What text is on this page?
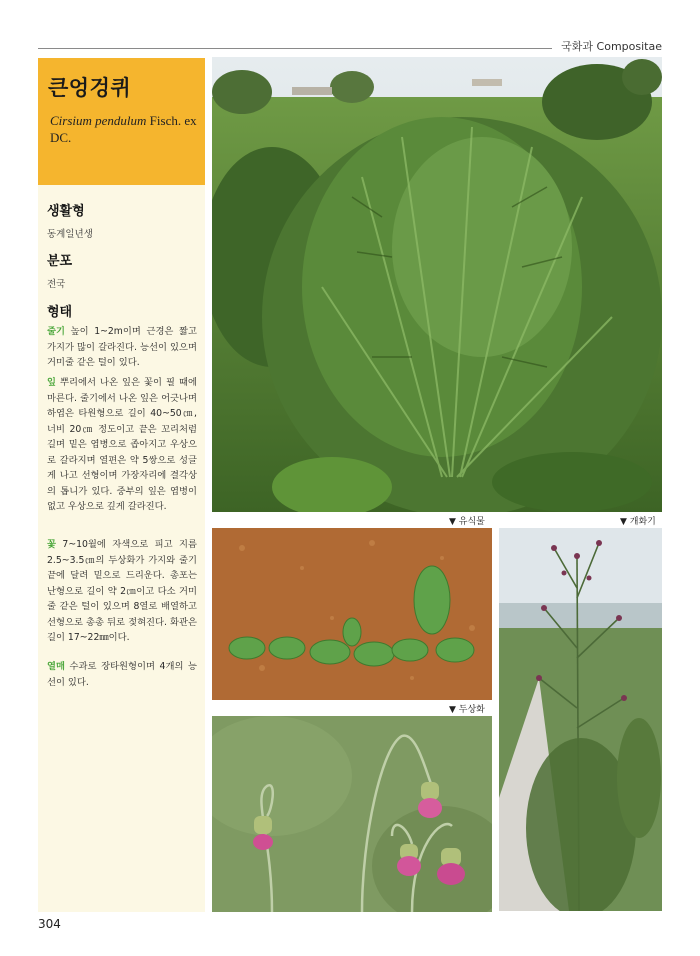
국화과 Compositae
큰엉겅퀴
Cirsium pendulum Fisch. ex DC.
생활형
동계일년생
분포
전국
형태
줄기 높이 1~2m이며 근경은 짧고 가지가 많이 갈라진다. 능선이 있으며 거미줄 같은 털이 있다.
잎 뿌리에서 나온 잎은 꽃이 필 때에 마른다. 줄기에서 나온 잎은 어긋나며 하엽은 타원형으로 길이 40~50㎝, 너비 20㎝ 정도이고 끝은 꼬리처럼 길며 밑은 엽병으로 좁아지고 우상으로 갈라지며 열편은 약 5쌍으로 성글게 나고 선형이며 가장자리에 결각상의 톱니가 있다. 중부의 잎은 엽병이 없고 우상으로 깊게 갈라진다.
꽃 7~10월에 자색으로 피고 지름 2.5~3.5㎝의 두상화가 가지와 줄기 끝에 달려 밑으로 드리운다. 총포는 난형으로 길이 약 2㎝이고 다소 거미줄 같은 털이 있으며 8열로 배열하고 선형으로 총총 뒤로 젖혀진다. 화관은 길이 17~22㎜이다.
열매 수과로 장타원형이며 4개의 능선이 있다.
▼ 유식물	▼ 개화기
▼ 두상화
304
